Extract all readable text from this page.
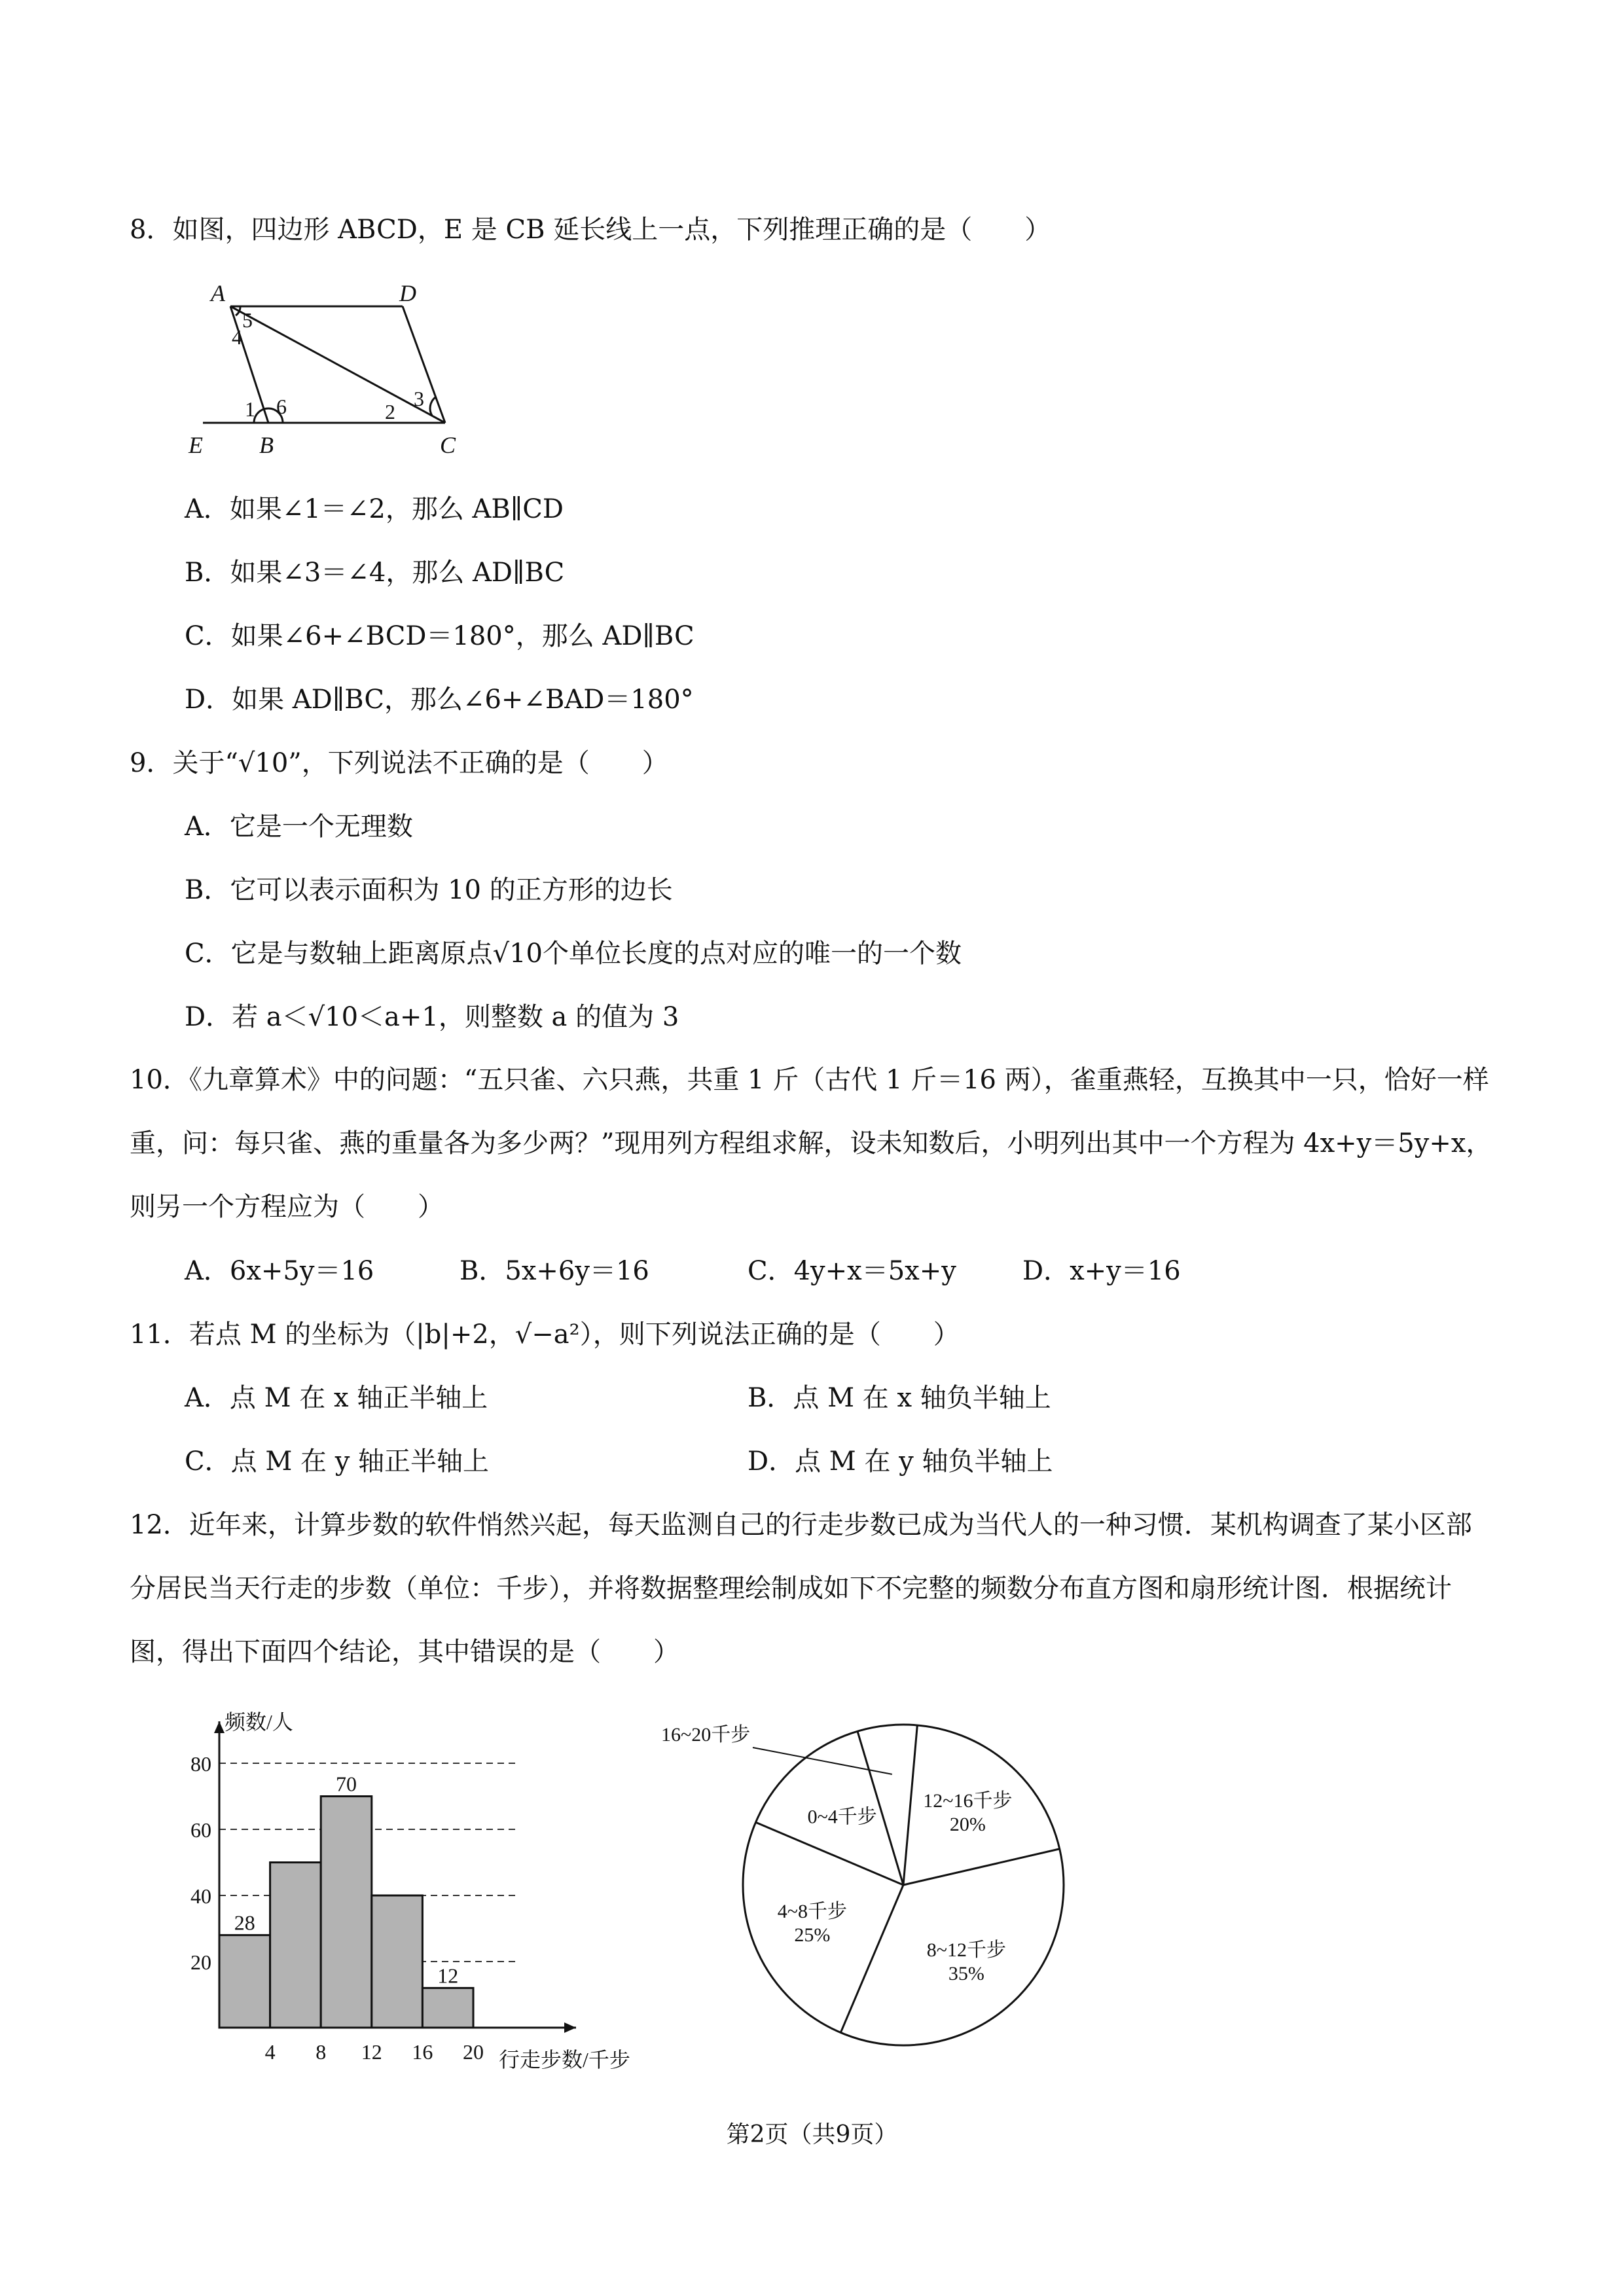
8．如图，四边形 ABCD，E 是 CB 延长线上一点，下列推理正确的是（　　）
A	D
E B	C
5
4
1 6	2
3
A．如果∠1＝∠2，那么 AB∥CD
B．如果∠3＝∠4，那么 AD∥BC
C．如果∠6+∠BCD＝180°，那么 AD∥BC
D．如果 AD∥BC，那么∠6+∠BAD＝180°
9．关于“√10”，下列说法不正确的是（　　）
A．它是一个无理数
B．它可以表示面积为 10 的正方形的边长
C．它是与数轴上距离原点√10个单位长度的点对应的唯一的一个数
D．若 a＜√10＜a+1，则整数 a 的值为 3
10．《九章算术》中的问题：“五只雀、六只燕，共重 1 斤（古代 1 斤＝16 两），雀重燕轻，互换其中一只，恰好一样重，问：每只雀、燕的重量各为多少两？”现用列方程组求解，设未知数后，小明列出其中一个方程为 4x+y＝5y+x，则另一个方程应为（　　）
A．6x+5y＝16	B．5x+6y＝16	C．4y+x＝5x+y	D．x+y＝16
11．若点 M 的坐标为（|b|+2，√−a²），则下列说法正确的是（　　）
A．点 M 在 x 轴正半轴上	B．点 M 在 x 轴负半轴上
C．点 M 在 y 轴正半轴上	D．点 M 在 y 轴负半轴上
12．近年来，计算步数的软件悄然兴起，每天监测自己的行走步数已成为当代人的一种习惯．某机构调查了某小区部分居民当天行走的步数（单位：千步），并将数据整理绘制成如下不完整的频数分布直方图和扇形统计图．根据统计图，得出下面四个结论，其中错误的是（　　）
20
40
60
80
28
70
12
4 8 12 16 20
频数/人
行走步数/千步
12~16千步
20%
8~12千步
35%
4~8千步
25%
0~4千步
16~20千步
第2页（共9页）
